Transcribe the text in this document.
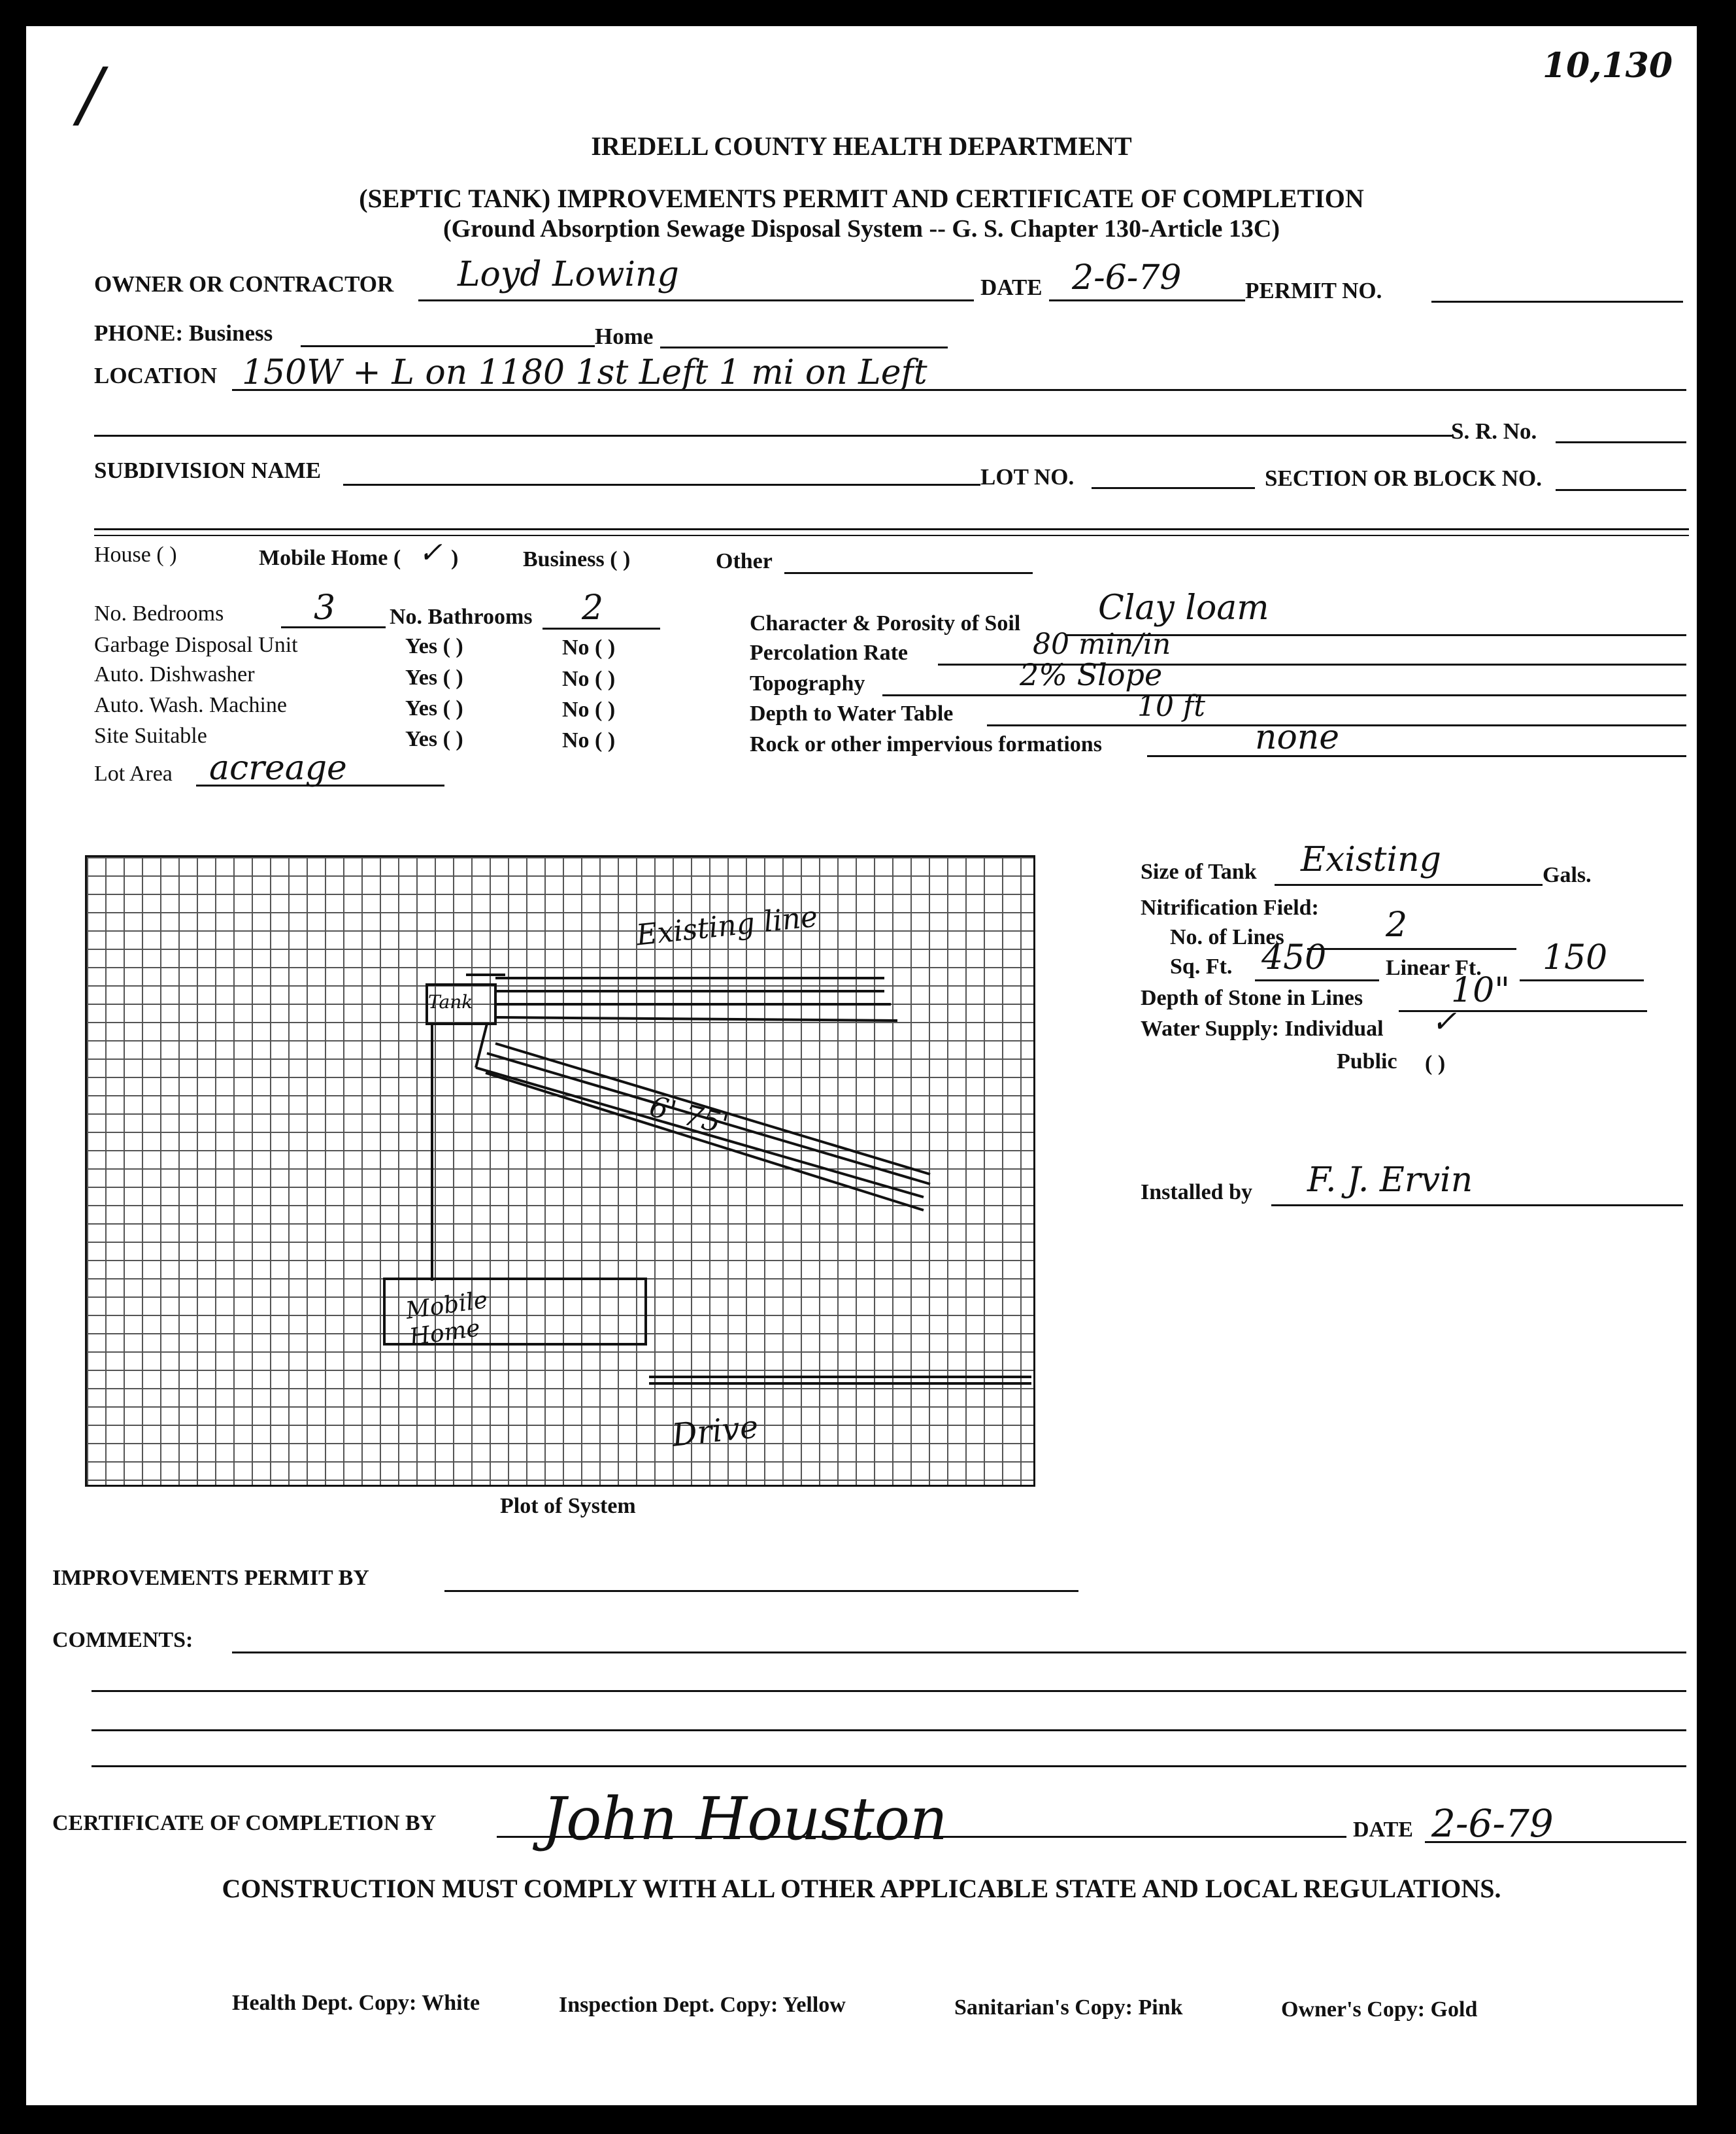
/	10,130
IREDELL COUNTY HEALTH DEPARTMENT
(SEPTIC TANK) IMPROVEMENTS PERMIT AND CERTIFICATE OF COMPLETION
(Ground Absorption Sewage Disposal System -- G. S. Chapter 130-Article 13C)
OWNER OR CONTRACTOR Loyd Lowing	DATE 2-6-79	PERMIT NO.
PHONE: Business	Home
LOCATION 150W + L on 1180 1st Left 1 mi on Left
S. R. No.
SUBDIVISION NAME	LOT NO.	SECTION OR BLOCK NO.
House ( )	Mobile Home ( ✓ )	Business ( )	Other
No. Bedrooms	3 No. Bathrooms 2
Garbage Disposal Unit	Yes ( )	No ( )
Auto. Dishwasher	Yes ( )	No ( )
Auto. Wash. Machine	Yes ( )	No ( )
Site Suitable	Yes ( )	No ( )
Lot Area acreage
Character & Porosity of Soil Clay loam
Percolation Rate	80 min/in
Topography	2% Slope
Depth to Water Table	10 ft
Rock or other impervious formations	none
Existing line
Tank
6' 75'
Mobile Home
Drive
Plot of System
Size of Tank Existing	Gals.
Nitrification Field:
No. of Lines	2
Sq. Ft. 450	Linear Ft. 150
Depth of Stone in Lines	10"
Water Supply: Individual ✓
Public ( )
Installed by F. J. Ervin
IMPROVEMENTS PERMIT BY
COMMENTS:
CERTIFICATE OF COMPLETION BY John Houston	DATE 2-6-79
CONSTRUCTION MUST COMPLY WITH ALL OTHER APPLICABLE STATE AND LOCAL REGULATIONS.
Health Dept. Copy: White	Inspection Dept. Copy: Yellow	Sanitarian's Copy: Pink	Owner's Copy: Gold
